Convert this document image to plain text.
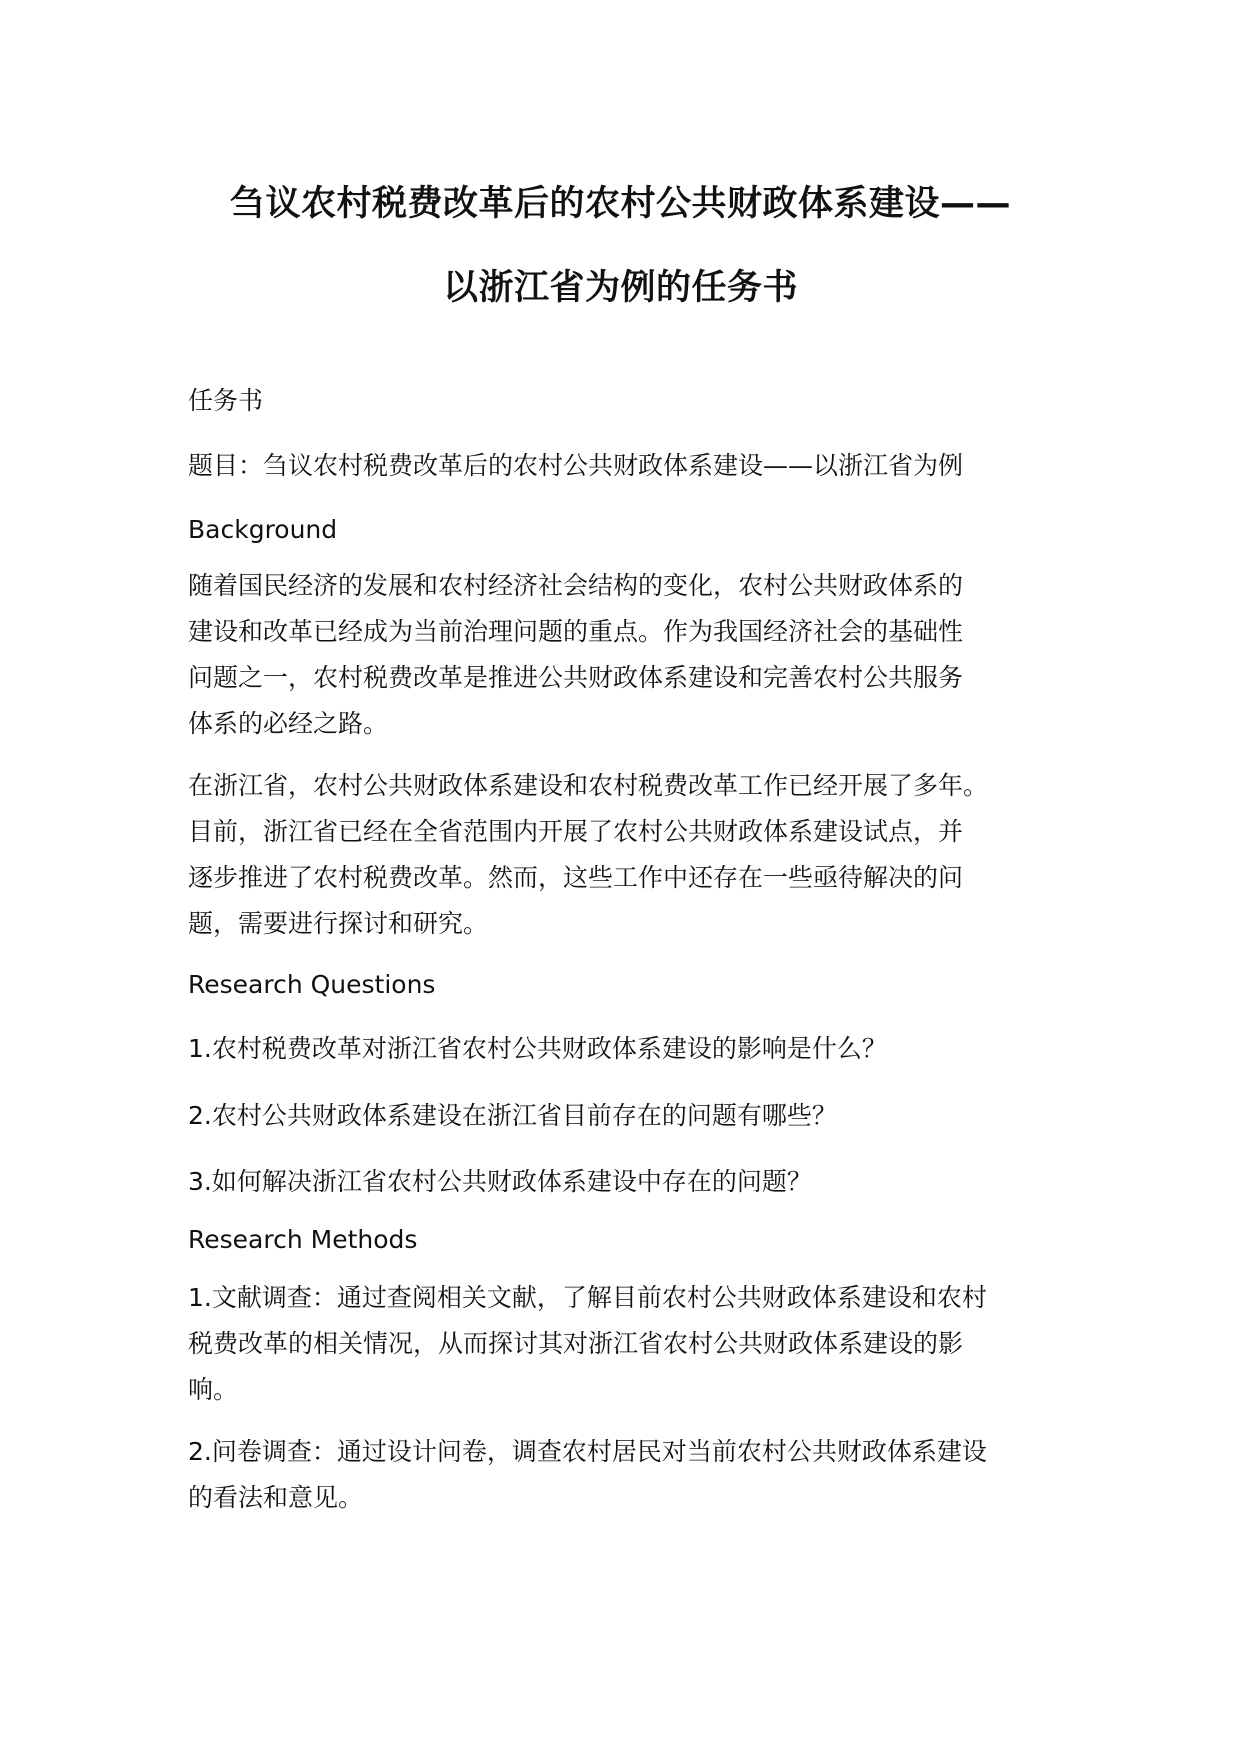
刍议农村税费改革后的农村公共财政体系建设——
以浙江省为例的任务书

任务书

题目：刍议农村税费改革后的农村公共财政体系建设——以浙江省为例

Background

随着国民经济的发展和农村经济社会结构的变化，农村公共财政体系的
建设和改革已经成为当前治理问题的重点。作为我国经济社会的基础性
问题之一，农村税费改革是推进公共财政体系建设和完善农村公共服务
体系的必经之路。

在浙江省，农村公共财政体系建设和农村税费改革工作已经开展了多年。
目前，浙江省已经在全省范围内开展了农村公共财政体系建设试点，并
逐步推进了农村税费改革。然而，这些工作中还存在一些亟待解决的问
题，需要进行探讨和研究。

Research Questions

1.农村税费改革对浙江省农村公共财政体系建设的影响是什么？

2.农村公共财政体系建设在浙江省目前存在的问题有哪些？

3.如何解决浙江省农村公共财政体系建设中存在的问题？

Research Methods

1.文献调查：通过查阅相关文献，了解目前农村公共财政体系建设和农村
税费改革的相关情况，从而探讨其对浙江省农村公共财政体系建设的影
响。

2.问卷调查：通过设计问卷，调查农村居民对当前农村公共财政体系建设
的看法和意见。
